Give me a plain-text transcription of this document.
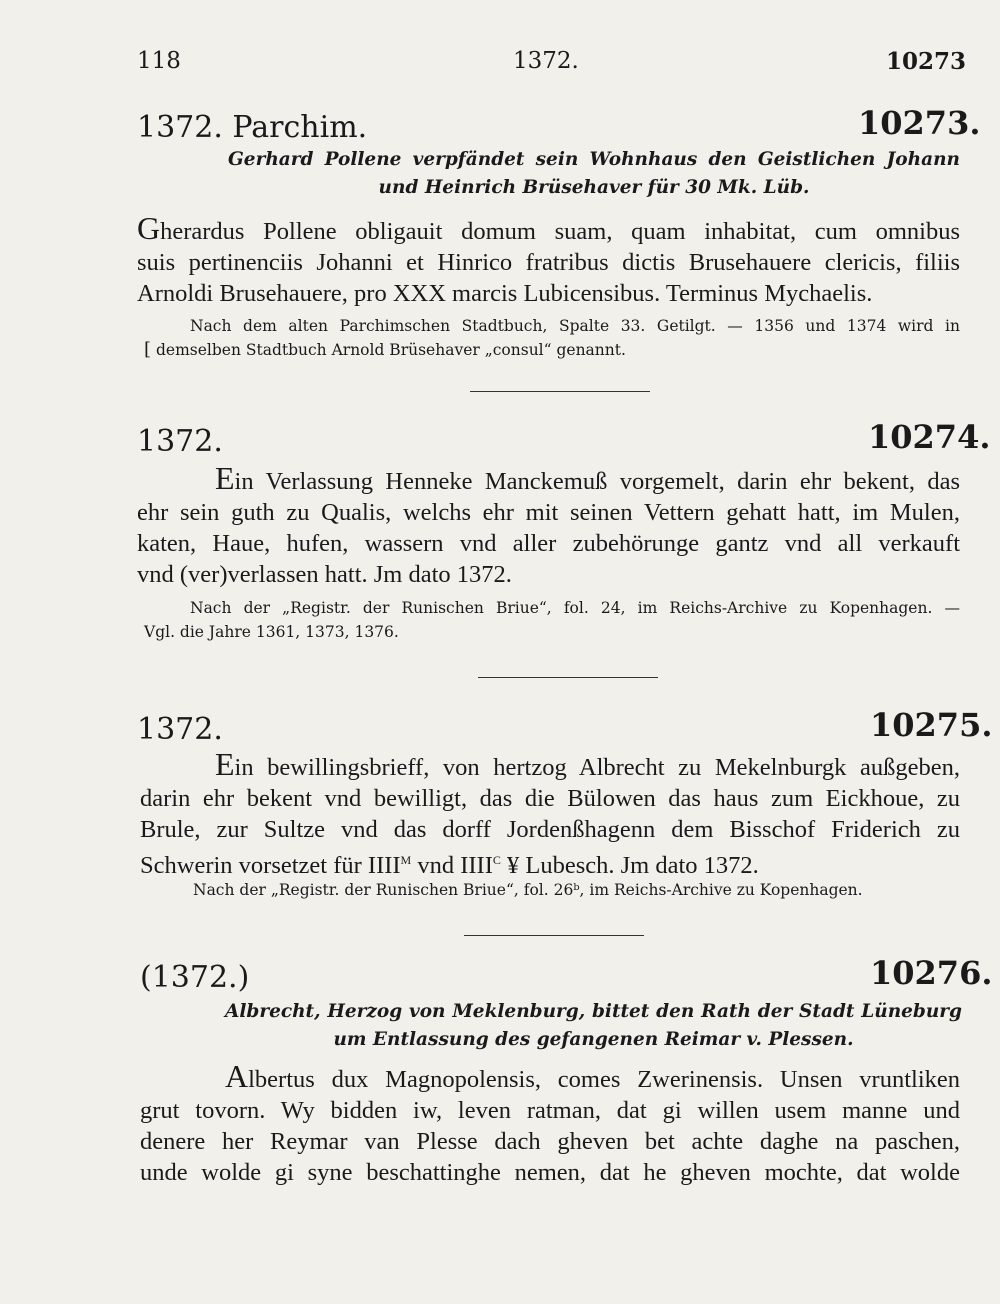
118	1372.	10273
1372. Parchim.	10273.
Gerhard Pollene verpfändet sein Wohnhaus den Geistlichen Johann und Heinrich Brüsehaver für 30 Mk. Lüb.
Gherardus Pollene obligauit domum suam, quam inhabitat, cum omnibus
suis pertinenciis Johanni et Hinrico fratribus dictis Brusehauere clericis, filiis
Arnoldi Brusehauere, pro XXX marcis Lubicensibus. Terminus Mychaelis.
Nach dem alten Parchimschen Stadtbuch, Spalte 33. Getilgt. — 1356 und 1374 wird in
[ demselben Stadtbuch Arnold Brüsehaver „consul“ genannt.
1372.	10274.
Ein Verlassung Henneke Manckemuß vorgemelt, darin ehr bekent, das
ehr sein guth zu Qualis, welchs ehr mit seinen Vettern gehatt hatt, im Mulen,
katen, Haue, hufen, wassern vnd aller zubehörunge gantz vnd all verkauft
vnd (ver)verlassen hatt. Jm dato 1372.
Nach der „Registr. der Runischen Briue“, fol. 24, im Reichs-Archive zu Kopenhagen. —
Vgl. die Jahre 1361, 1373, 1376.
1372.	10275.
Ein bewillingsbrieff, von hertzog Albrecht zu Mekelnburgk außgeben,
darin ehr bekent vnd bewilligt, das die Bülowen das haus zum Eickhoue, zu
Brule, zur Sultze vnd das dorff Jordenßhagenn dem Bisschof Friderich zu
Schwerin vorsetzet für $IIII^M$ vnd $IIII^C$ ¥ Lubesch. Jm dato 1372.
Nach der „Registr. der Runischen Briue“, fol. 26ᵇ, im Reichs-Archive zu Kopenhagen.
(1372.)	10276.
Albrecht, Herzog von Meklenburg, bittet den Rath der Stadt Lüneburg um Entlassung des gefangenen Reimar v. Plessen.
Albertus dux Magnopolensis, comes Zwerinensis. Unsen vruntliken
grut tovorn. Wy bidden iw, leven ratman, dat gi willen usem manne und
denere her Reymar van Plesse dach gheven bet achte daghe na paschen,
unde wolde gi syne beschattinghe nemen, dat he gheven mochte, dat wolde
